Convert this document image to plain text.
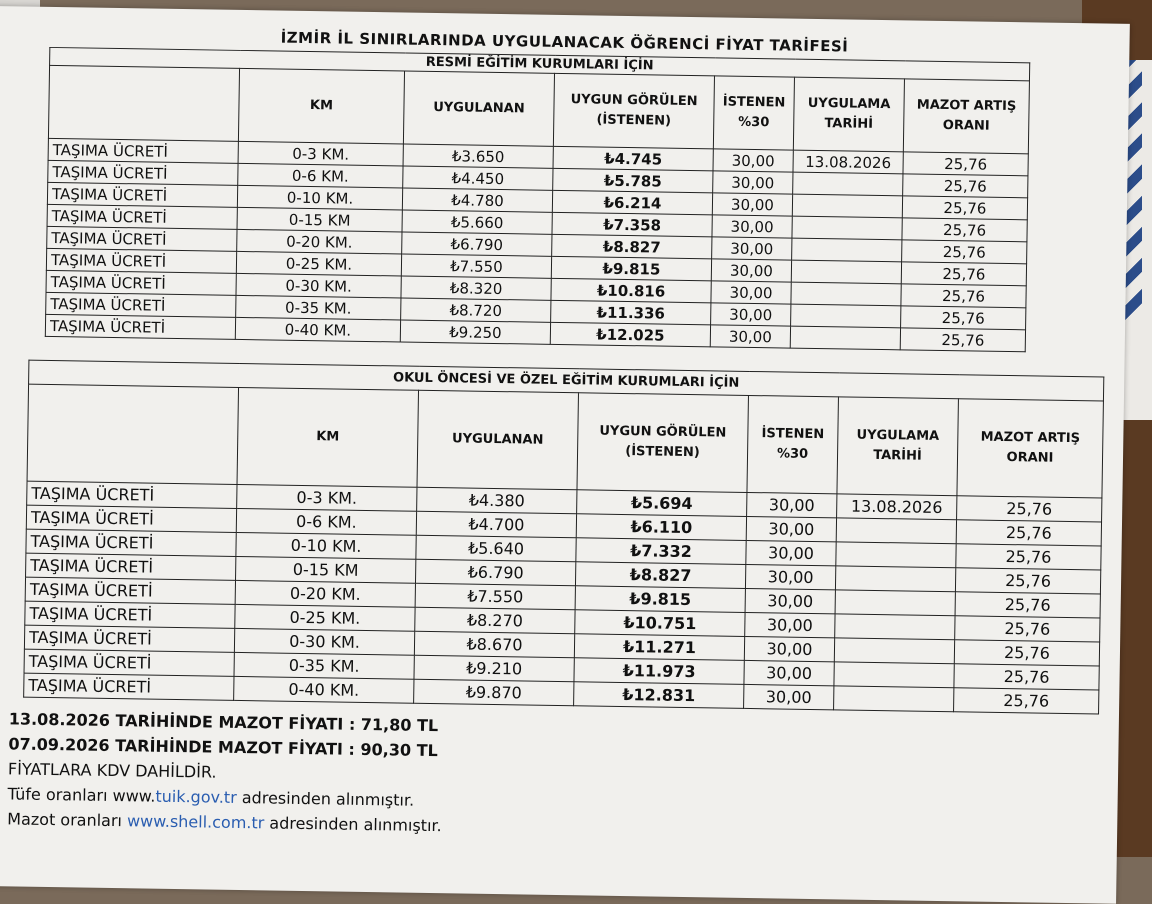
İZMİR İL SINIRLARINDA UYGULANACAK ÖĞRENCİ FİYAT TARİFESİ
RESMİ EĞİTİM KURUMLARI İÇİN						
	KM	UYGULANAN	UYGUN GÖRÜLEN (İSTENEN)	İSTENEN %30	UYGULAMA TARİHİ	MAZOT ARTIŞ ORANI
TAŞIMA ÜCRETİ	0-3 KM.	₺3.650	₺4.745	30,00	13.08.2026	25,76
TAŞIMA ÜCRETİ	0-6 KM.	₺4.450	₺5.785	30,00		25,76
TAŞIMA ÜCRETİ	0-10 KM.	₺4.780	₺6.214	30,00		25,76
TAŞIMA ÜCRETİ	0-15 KM	₺5.660	₺7.358	30,00		25,76
TAŞIMA ÜCRETİ	0-20 KM.	₺6.790	₺8.827	30,00		25,76
TAŞIMA ÜCRETİ	0-25 KM.	₺7.550	₺9.815	30,00		25,76
TAŞIMA ÜCRETİ	0-30 KM.	₺8.320	₺10.816	30,00		25,76
TAŞIMA ÜCRETİ	0-35 KM.	₺8.720	₺11.336	30,00		25,76
TAŞIMA ÜCRETİ	0-40 KM.	₺9.250	₺12.025	30,00		25,76
OKUL ÖNCESİ VE ÖZEL EĞİTİM KURUMLARI İÇİN						
	KM	UYGULANAN	UYGUN GÖRÜLEN (İSTENEN)	İSTENEN %30	UYGULAMA TARİHİ	MAZOT ARTIŞ ORANI
TAŞIMA ÜCRETİ	0-3 KM.	₺4.380	₺5.694	30,00	13.08.2026	25,76
TAŞIMA ÜCRETİ	0-6 KM.	₺4.700	₺6.110	30,00		25,76
TAŞIMA ÜCRETİ	0-10 KM.	₺5.640	₺7.332	30,00		25,76
TAŞIMA ÜCRETİ	0-15 KM	₺6.790	₺8.827	30,00		25,76
TAŞIMA ÜCRETİ	0-20 KM.	₺7.550	₺9.815	30,00		25,76
TAŞIMA ÜCRETİ	0-25 KM.	₺8.270	₺10.751	30,00		25,76
TAŞIMA ÜCRETİ	0-30 KM.	₺8.670	₺11.271	30,00		25,76
TAŞIMA ÜCRETİ	0-35 KM.	₺9.210	₺11.973	30,00		25,76
TAŞIMA ÜCRETİ	0-40 KM.	₺9.870	₺12.831	30,00		25,76
13.08.2026 TARİHİNDE MAZOT FİYATI : 71,80 TL
07.09.2026 TARİHİNDE MAZOT FİYATI : 90,30 TL
FİYATLARA KDV DAHİLDİR.
Tüfe oranları www.tuik.gov.tr adresinden alınmıştır.
Mazot oranları www.shell.com.tr adresinden alınmıştır.
